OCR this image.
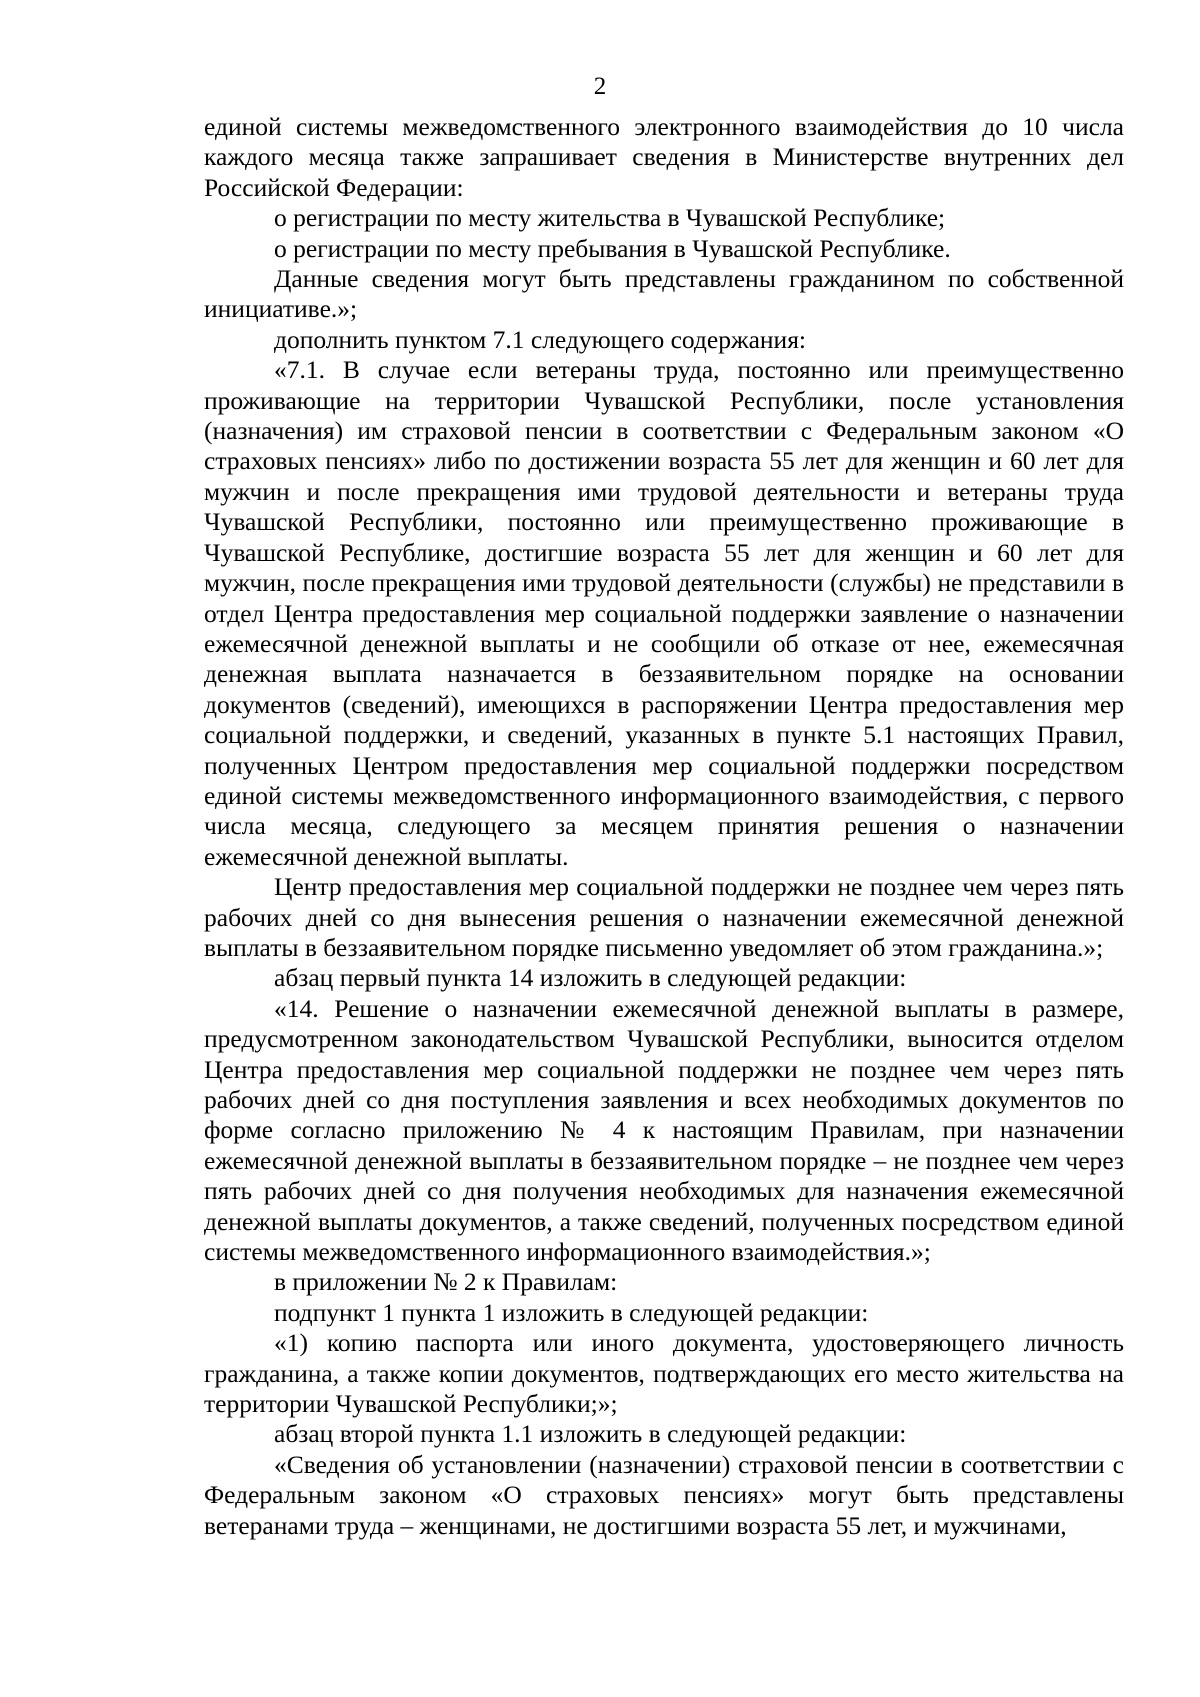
2

единой системы межведомственного электронного взаимодействия до 10 числа каждого месяца также запрашивает сведения в Министерстве внутренних дел Российской Федерации:

о регистрации по месту жительства в Чувашской Республике;

о регистрации по месту пребывания в Чувашской Республике.

Данные сведения могут быть представлены гражданином по собственной инициативе.»;

дополнить пунктом 7.1 следующего содержания:

«7.1. В случае если ветераны труда, постоянно или преимущественно проживающие на территории Чувашской Республики, после установления (назначения) им страховой пенсии в соответствии с Федеральным законом «О страховых пенсиях» либо по достижении возраста 55 лет для женщин и 60 лет для мужчин и после прекращения ими трудовой деятельности и ветераны труда Чувашской Республики, постоянно или преимущественно проживающие в Чувашской Республике, достигшие возраста 55 лет для женщин и 60 лет для мужчин, после прекращения ими трудовой деятельности (службы) не представили в отдел Центра предоставления мер социальной поддержки заявление о назначении ежемесячной денежной выплаты и не сообщили об отказе от нее, ежемесячная денежная выплата назначается в беззаявительном порядке на основании документов (сведений), имеющихся в распоряжении Центра предоставления мер социальной поддержки, и сведений, указанных в пункте 5.1 настоящих Правил, полученных Центром предоставления мер социальной поддержки посредством единой системы межведомственного информационного взаимодействия, с первого числа месяца, следующего за месяцем принятия решения о назначении ежемесячной денежной выплаты.

Центр предоставления мер социальной поддержки не позднее чем через пять рабочих дней со дня вынесения решения о назначении ежемесячной денежной выплаты в беззаявительном порядке письменно уведомляет об этом гражданина.»;

абзац первый пункта 14 изложить в следующей редакции:

«14. Решение о назначении ежемесячной денежной выплаты в размере, предусмотренном законодательством Чувашской Республики, выносится отделом Центра предоставления мер социальной поддержки не позднее чем через пять рабочих дней со дня поступления заявления и всех необходимых документов по форме согласно приложению № 4 к настоящим Правилам, при назначении ежемесячной денежной выплаты в беззаявительном порядке – не позднее чем через пять рабочих дней со дня получения необходимых для назначения ежемесячной денежной выплаты документов, а также сведений, полученных посредством единой системы межведомственного информационного взаимодействия.»;

в приложении № 2 к Правилам:

подпункт 1 пункта 1 изложить в следующей редакции:

«1) копию паспорта или иного документа, удостоверяющего личность гражданина, а также копии документов, подтверждающих его место жительства на территории Чувашской Республики;»;

абзац второй пункта 1.1 изложить в следующей редакции:

«Сведения об установлении (назначении) страховой пенсии в соответствии с Федеральным законом «О страховых пенсиях» могут быть представлены ветеранами труда – женщинами, не достигшими возраста 55 лет, и мужчинами,
